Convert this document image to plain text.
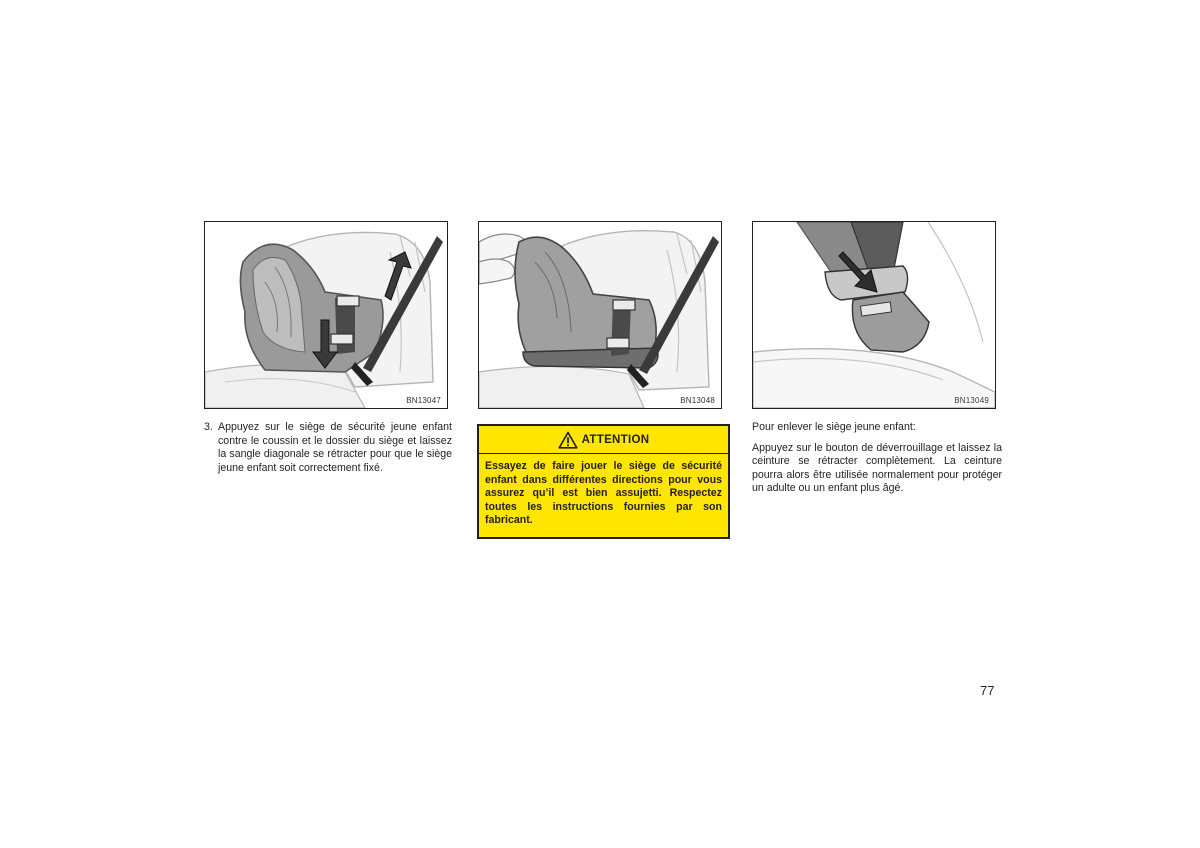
BN13047	BN13048	BN13049
3. Appuyez sur le siège de sécurité jeune enfant contre le coussin et le dossier du siège et laissez la sangle diagonale se rétracter pour que le siège jeune enfant soit correctement fixé.
ATTENTION
Essayez de faire jouer le siège de sécurité enfant dans différentes directions pour vous assurez qu’il est bien assujetti. Respectez toutes les instructions fournies par son fabricant.

Pour enlever le siège jeune enfant:

Appuyez sur le bouton de déverrouillage et laissez la ceinture se rétracter complètement. La ceinture pourra alors être utilisée normalement pour protéger un adulte ou un enfant plus âgé.

77
